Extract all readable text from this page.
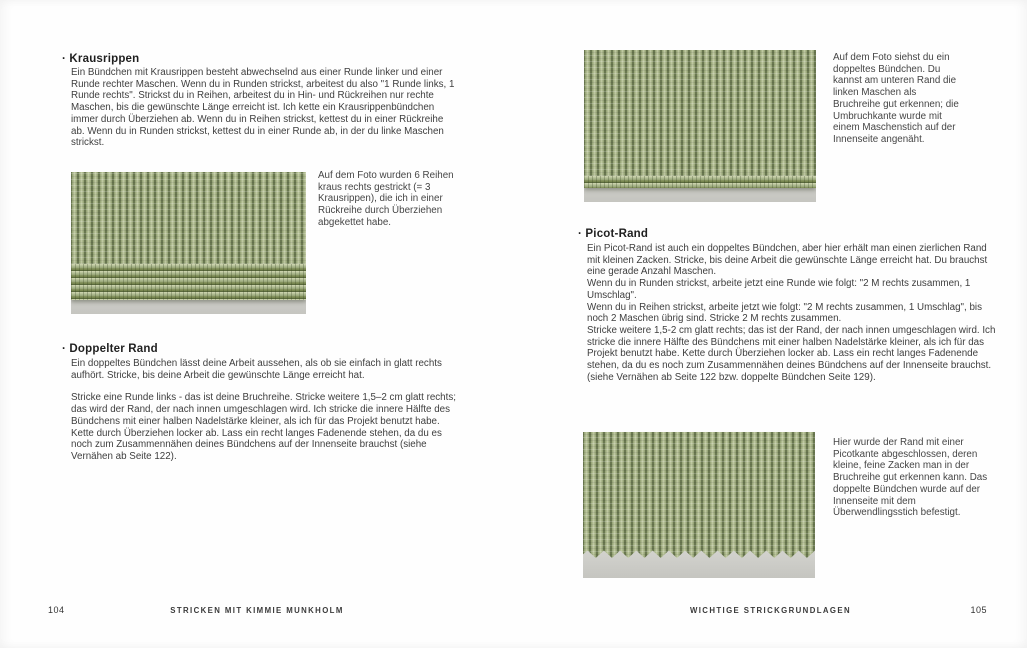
· Krausrippen
Ein Bündchen mit Krausrippen besteht abwechselnd aus einer Runde linker und einer Runde rechter Maschen. Wenn du in Runden strickst, arbeitest du also "1 Runde links, 1 Runde rechts". Strickst du in Reihen, arbeitest du in Hin- und Rückreihen nur rechte Maschen, bis die gewünschte Länge erreicht ist. Ich kette ein Krausrippenbündchen immer durch Überziehen ab. Wenn du in Reihen strickst, kettest du in einer Rückreihe ab. Wenn du in Runden strickst, kettest du in einer Runde ab, in der du linke Maschen strickst.
Auf dem Foto wurden 6 Reihen kraus rechts gestrickt (= 3 Krausrippen), die ich in einer Rückreihe durch Überziehen abgekettet habe.
· Doppelter Rand

Ein doppeltes Bündchen lässt deine Arbeit aussehen, als ob sie einfach in glatt rechts aufhört. Stricke, bis deine Arbeit die gewünschte Länge erreicht hat.

Stricke eine Runde links - das ist deine Bruchreihe. Stricke weitere 1,5–2 cm glatt rechts; das wird der Rand, der nach innen umgeschlagen wird. Ich stricke die innere Hälfte des Bündchens mit einer halben Nadelstärke kleiner, als ich für das Projekt benutzt habe. Kette durch Überziehen locker ab. Lass ein recht langes Fadenende stehen, da du es noch zum Zusammennähen deines Bündchens auf der Innenseite brauchst (siehe Vernähen ab Seite 122).

104	STRICKEN MIT KIMMIE MUNKHOLM
Auf dem Foto siehst du ein doppeltes Bündchen. Du kannst am unteren Rand die linken Maschen als Bruchreihe gut erkennen; die Umbruchkante wurde mit einem Maschenstich auf der Innenseite angenäht.
· Picot-Rand

Ein Picot-Rand ist auch ein doppeltes Bündchen, aber hier erhält man einen zierlichen Rand mit kleinen Zacken. Stricke, bis deine Arbeit die gewünschte Länge erreicht hat. Du brauchst eine gerade Anzahl Maschen.

Wenn du in Runden strickst, arbeite jetzt eine Runde wie folgt: "2 M rechts zusammen, 1 Umschlag".

Wenn du in Reihen strickst, arbeite jetzt wie folgt: "2 M rechts zusammen, 1 Umschlag", bis noch 2 Maschen übrig sind. Stricke 2 M rechts zusammen.

Stricke weitere 1,5-2 cm glatt rechts; das ist der Rand, der nach innen umgeschlagen wird. Ich stricke die innere Hälfte des Bündchens mit einer halben Nadelstärke kleiner, als ich für das Projekt benutzt habe. Kette durch Überziehen locker ab. Lass ein recht langes Fadenende stehen, da du es noch zum Zusammennähen deines Bündchens auf der Innenseite brauchst. (siehe Vernähen ab Seite 122 bzw. doppelte Bündchen Seite 129).

Hier wurde der Rand mit einer Picotkante abgeschlossen, deren kleine, feine Zacken man in der Bruchreihe gut erkennen kann. Das doppelte Bündchen wurde auf der Innenseite mit dem Überwendlingsstich befestigt.
WICHTIGE STRICKGRUNDLAGEN	105
